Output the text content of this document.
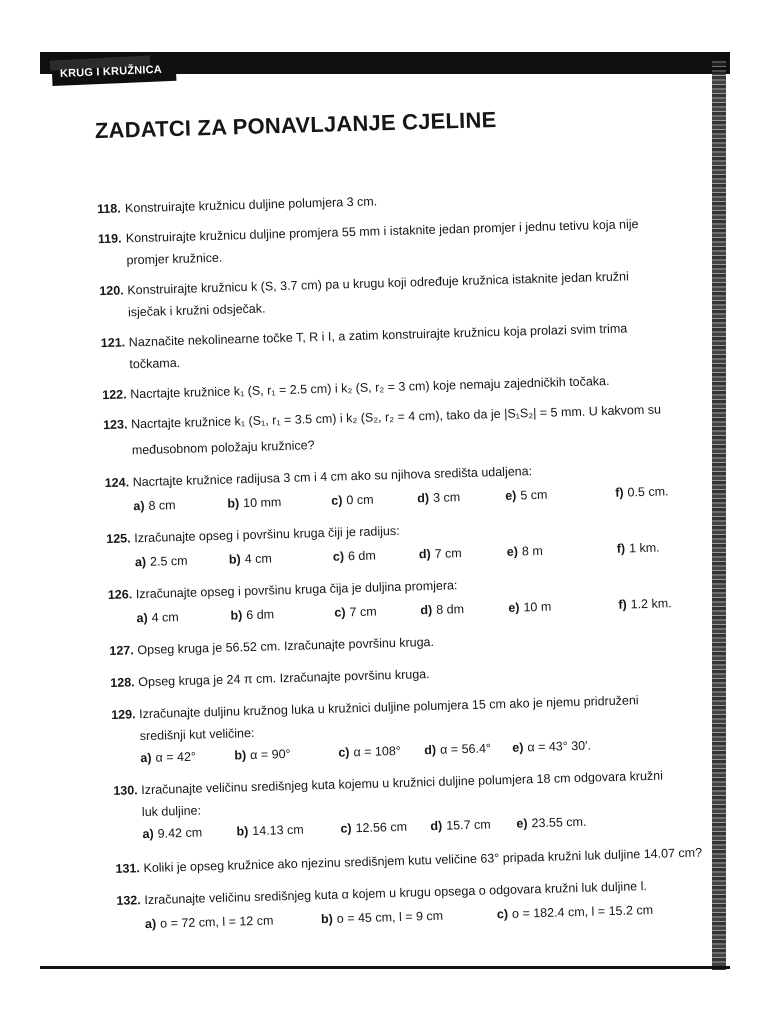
KRUG I KRUŽNICA
ZADATCI ZA PONAVLJANJE CJELINE
118. Konstruirajte kružnicu duljine polumjera 3 cm.
119. Konstruirajte kružnicu duljine promjera 55 mm i istaknite jedan promjer i jednu tetivu koja nije
promjer kružnice.
120. Konstruirajte kružnicu k (S, 3.7 cm) pa u krugu koji određuje kružnica istaknite jedan kružni
isječak i kružni odsječak.
121. Naznačite nekolinearne točke T, R i I, a zatim konstruirajte kružnicu koja prolazi svim trima
točkama.
122. Nacrtajte kružnice k₁ (S, r₁ = 2.5 cm) i k₂ (S, r₂ = 3 cm) koje nemaju zajedničkih točaka.
123. Nacrtajte kružnice k₁ (S₁, r₁ = 3.5 cm) i k₂ (S₂, r₂ = 4 cm), tako da je |S₁S₂| = 5 mm. U kakvom su
međusobnom položaju kružnice?
124. Nacrtajte kružnice radijusa 3 cm i 4 cm ako su njihova središta udaljena:
a) 8 cm	b) 10 mm	c) 0 cm	d) 3 cm	e) 5 cm	f) 0.5 cm.
125. Izračunajte opseg i površinu kruga čiji je radijus:
a) 2.5 cm	b) 4 cm	c) 6 dm	d) 7 cm	e) 8 m	f) 1 km.
126. Izračunajte opseg i površinu kruga čija je duljina promjera:
a) 4 cm	b) 6 dm	c) 7 cm	d) 8 dm	e) 10 m	f) 1.2 km.
127. Opseg kruga je 56.52 cm. Izračunajte površinu kruga.
128. Opseg kruga je 24 π cm. Izračunajte površinu kruga.
129. Izračunajte duljinu kružnog luka u kružnici duljine polumjera 15 cm ako je njemu pridruženi
središnji kut veličine:
a) α = 42°	b) α = 90°	c) α = 108° d) α = 56.4° e) α = 43° 30′.
130. Izračunajte veličinu središnjeg kuta kojemu u kružnici duljine polumjera 18 cm odgovara kružni
luk duljine:
a) 9.42 cm	b) 14.13 cm	c) 12.56 cm d) 15.7 cm e) 23.55 cm.
131. Koliki je opseg kružnice ako njezinu središnjem kutu veličine 63° pripada kružni luk duljine 14.07 cm?
132. Izračunajte veličinu središnjeg kuta α kojem u krugu opsega o odgovara kružni luk duljine l.
a) o = 72 cm, l = 12 cm	b) o = 45 cm, l = 9 cm	c) o = 182.4 cm, l = 15.2 cm
